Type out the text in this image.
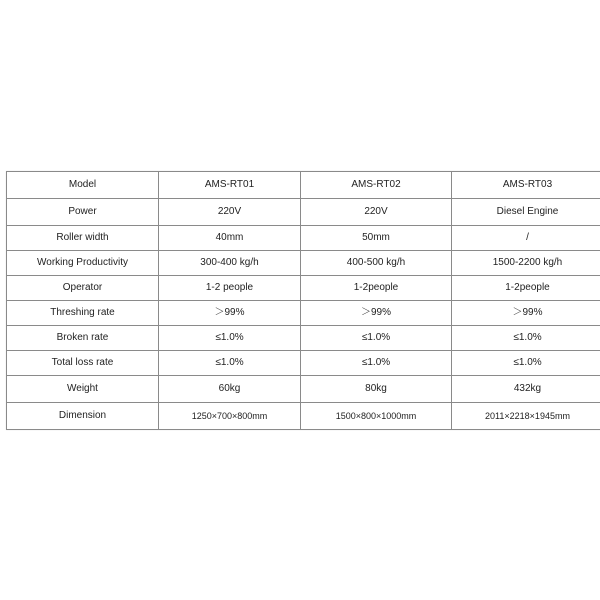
Model	AMS-RT01	AMS-RT02	AMS-RT03
Power	220V	220V	Diesel Engine
Roller width	40mm	50mm	/
Working Productivity	300-400 kg/h	400-500 kg/h	1500-2200 kg/h
Operator	1-2 people	1-2people	1-2people
Threshing rate	＞99%	＞99%	＞99%
Broken rate	≤1.0%	≤1.0%	≤1.0%
Total loss rate	≤1.0%	≤1.0%	≤1.0%
Weight	60kg	80kg	432kg
Dimension	1250×700×800mm	1500×800×1000mm	2011×2218×1945mm
